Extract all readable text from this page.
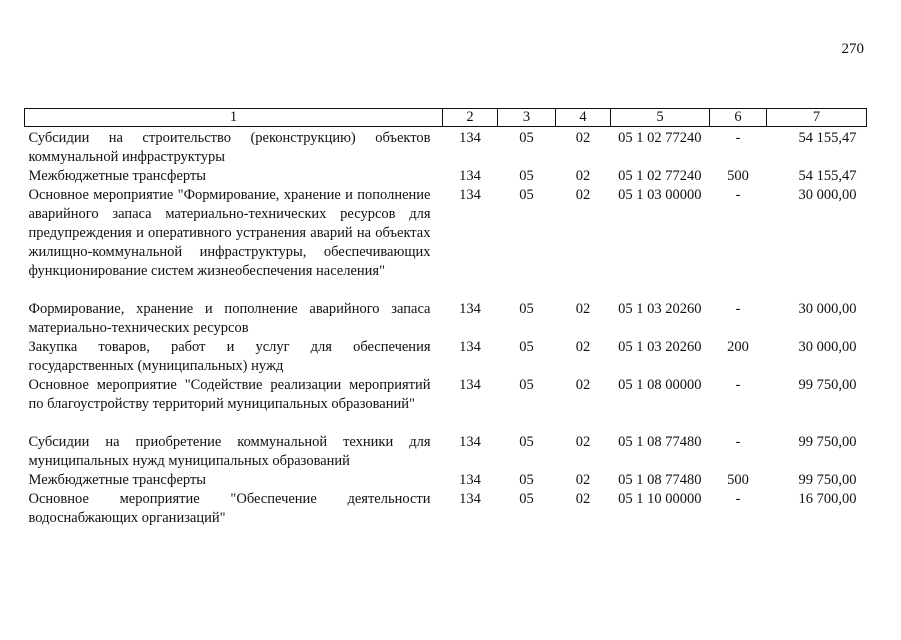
270
1	2	3	4	5	6	7
Субсидии на строительство (реконструкцию) объектов коммунальной инфраструктуры	134	05	02	05 1 02 77240	-	54 155,47
Межбюджетные трансферты	134	05	02	05 1 02 77240	500	54 155,47
Основное мероприятие "Формирование, хранение и пополнение аварийного запаса материально-технических ресурсов для предупреждения и оперативного устранения аварий на объектах жилищно-коммунальной инфраструктуры, обеспечивающих функционирование систем жизнеобеспечения населения"	134	05	02	05 1 03 00000	-	30 000,00
Формирование, хранение и пополнение аварийного запаса материально-технических ресурсов	134	05	02	05 1 03 20260	-	30 000,00
Закупка товаров, работ и услуг для обеспечения государственных (муниципальных) нужд	134	05	02	05 1 03 20260	200	30 000,00
Основное мероприятие "Содействие реализации мероприятий по благоустройству территорий муниципальных образований"	134	05	02	05 1 08 00000	-	99 750,00
Субсидии на приобретение коммунальной техники для муниципальных нужд муниципальных образований	134	05	02	05 1 08 77480	-	99 750,00
Межбюджетные трансферты	134	05	02	05 1 08 77480	500	99 750,00
Основное мероприятие "Обеспечение деятельности водоснабжающих организаций"	134	05	02	05 1 10 00000	-	16 700,00
